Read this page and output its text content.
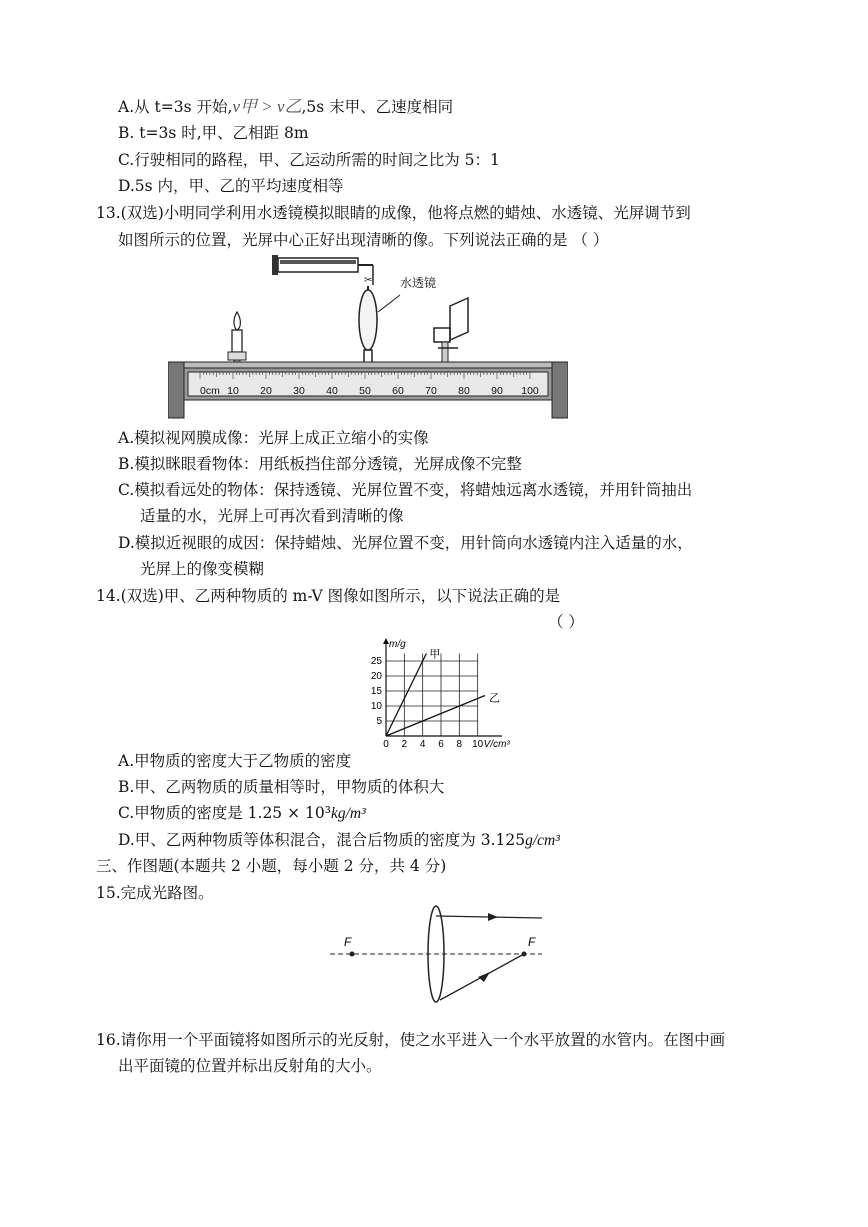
A.从 t=3s 开始,v甲 > v乙,5s 末甲、乙速度相同
B. t=3s 时,甲、乙相距 8m
C.行驶相同的路程，甲、乙运动所需的时间之比为 5：1
D.5s 内，甲、乙的平均速度相等
13.(双选)小明同学利用水透镜模拟眼睛的成像，他将点燃的蜡烛、水透镜、光屏调节到
如图所示的位置，光屏中心正好出现清晰的像。下列说法正确的是 （ ）
✂ 水透镜
0cm 10 20 30 40 50 60 70 80 90 100
A.模拟视网膜成像：光屏上成正立缩小的实像
B.模拟眯眼看物体：用纸板挡住部分透镜，光屏成像不完整
C.模拟看远处的物体：保持透镜、光屏位置不变，将蜡烛远离水透镜，并用针筒抽出
适量的水，光屏上可再次看到清晰的像
D.模拟近视眼的成因：保持蜡烛、光屏位置不变，用针筒向水透镜内注入适量的水，
光屏上的像变模糊
14.(双选)甲、乙两种物质的 m-V 图像如图所示，以下说法正确的是
（ ）
0 2 4 6 8 10
5
10
15
20
25
甲
乙
m/g
V/cm³
A.甲物质的密度大于乙物质的密度
B.甲、乙两物质的质量相等时，甲物质的体积大
C.甲物质的密度是 1.25 × 10³kg/m³
D.甲、乙两种物质等体积混合，混合后物质的密度为 3.125g/cm³
三、作图题(本题共 2 小题，每小题 2 分，共 4 分)
15.完成光路图。
F	F
16.请你用一个平面镜将如图所示的光反射，使之水平进入一个水平放置的水管内。在图中画
出平面镜的位置并标出反射角的大小。
